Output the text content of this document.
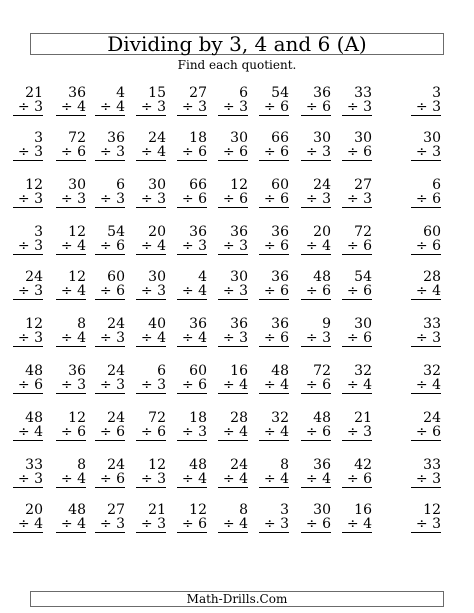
Dividing by 3, 4 and 6 (A)
Find each quotient.
21
÷ 3
36
÷ 4
4
÷ 4
15
÷ 3
27
÷ 3
6
÷ 3
54
÷ 6
36
÷ 6
33
÷ 3
3
÷ 3
3
÷ 3
72
÷ 6
36
÷ 3
24
÷ 4
18
÷ 6
30
÷ 6
66
÷ 6
30
÷ 3
30
÷ 6
30
÷ 3
12
÷ 3
30
÷ 3
6
÷ 3
30
÷ 3
66
÷ 6
12
÷ 6
60
÷ 6
24
÷ 3
27
÷ 3
6
÷ 6
3
÷ 3
12
÷ 4
54
÷ 6
20
÷ 4
36
÷ 3
36
÷ 3
36
÷ 6
20
÷ 4
72
÷ 6
60
÷ 6
24
÷ 3
12
÷ 4
60
÷ 6
30
÷ 3
4
÷ 4
30
÷ 3
36
÷ 6
48
÷ 6
54
÷ 6
28
÷ 4
12
÷ 3
8
÷ 4
24
÷ 3
40
÷ 4
36
÷ 4
36
÷ 3
36
÷ 6
9
÷ 3
30
÷ 6
33
÷ 3
48
÷ 6
36
÷ 3
24
÷ 3
6
÷ 3
60
÷ 6
16
÷ 4
48
÷ 4
72
÷ 6
32
÷ 4
32
÷ 4
48
÷ 4
12
÷ 6
24
÷ 6
72
÷ 6
18
÷ 3
28
÷ 4
32
÷ 4
48
÷ 6
21
÷ 3
24
÷ 6
33
÷ 3
8
÷ 4
24
÷ 6
12
÷ 3
48
÷ 4
24
÷ 4
8
÷ 4
36
÷ 4
42
÷ 6
33
÷ 3
20
÷ 4
48
÷ 4
27
÷ 3
21
÷ 3
12
÷ 6
8
÷ 4
3
÷ 3
30
÷ 6
16
÷ 4
12
÷ 3
Math-Drills.Com
